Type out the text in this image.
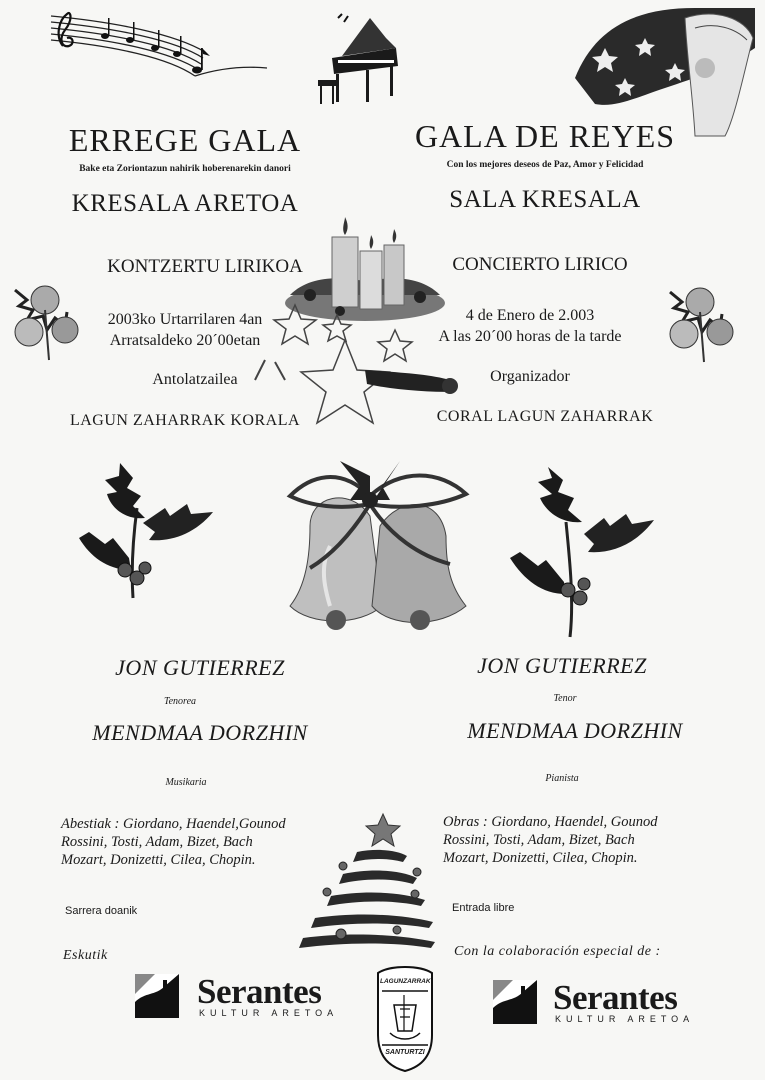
ERREGE GALA	GALA DE REYES
Bake eta Zoriontazun nahirik hoberenarekin danori	Con los mejores deseos de Paz, Amor y Felicidad
KRESALA ARETOA	SALA KRESALA
KONTZERTU LIRIKOA	CONCIERTO LIRICO
2003ko Urtarrilaren 4an
Arratsaldeko 20´00etan
4 de Enero de 2.003
A las 20´00 horas de la tarde
Antolatzailea	Organizador
LAGUN ZAHARRAK KORALA	CORAL LAGUN ZAHARRAK
JON GUTIERREZ	JON GUTIERREZ
Tenorea	Tenor
MENDMAA DORZHIN	MENDMAA DORZHIN
Musikaria	Pianista
Abestiak : Giordano, Haendel,Gounod
Rossini, Tosti, Adam, Bizet, Bach
Mozart, Donizetti, Cilea, Chopin.
Obras : Giordano, Haendel, Gounod
Rossini, Tosti, Adam, Bizet, Bach
Mozart, Donizetti, Cilea, Chopin.
Sarrera doanik	Entrada libre
Eskutik	Con la colaboración especial de :
Serantes
KULTUR ARETOA	Serantes
KULTUR ARETOA
LAGUNZARRAK
SANTURTZI
